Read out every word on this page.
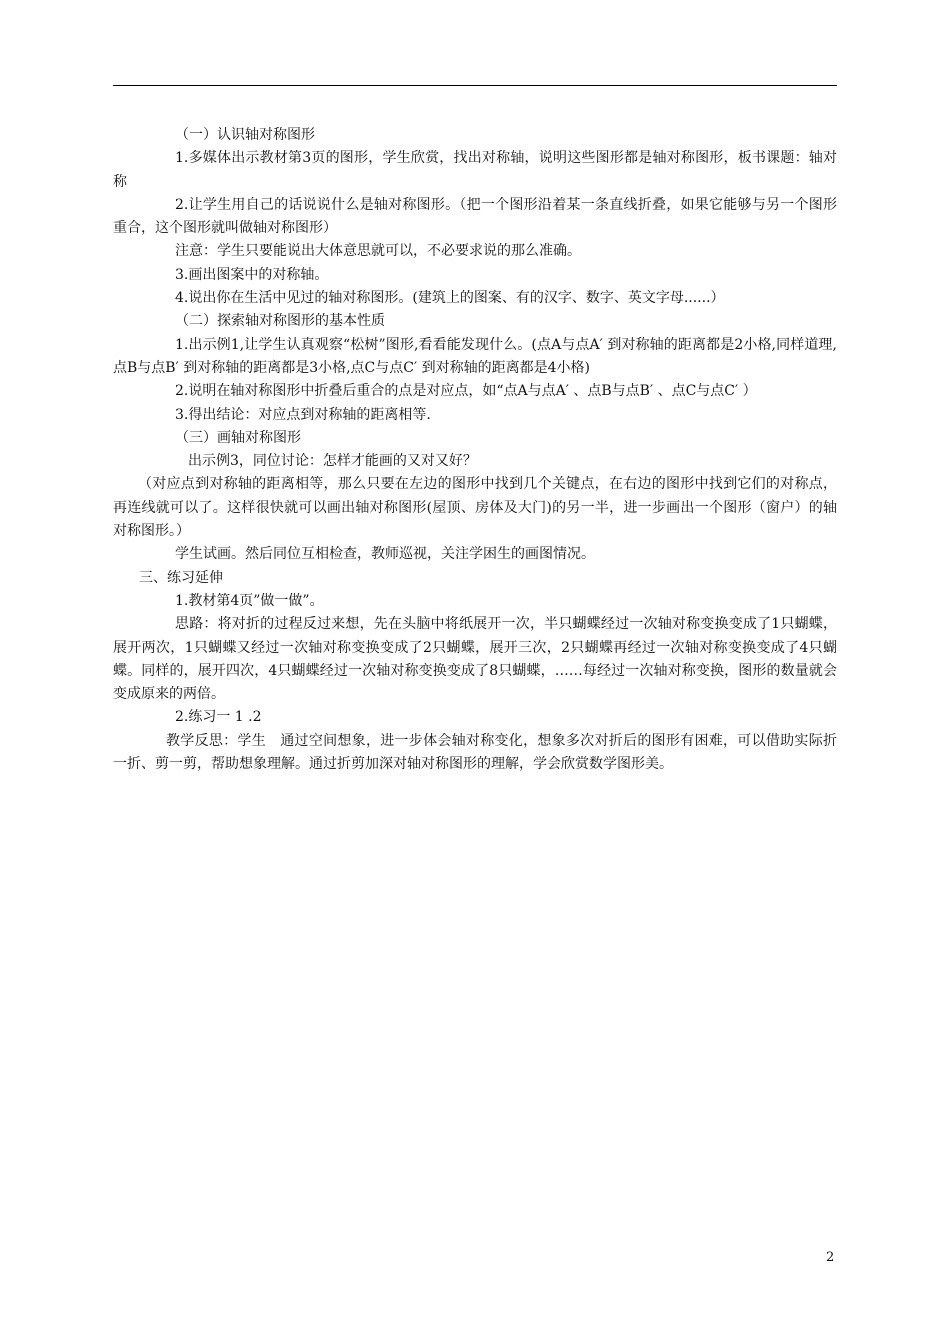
（一）认识轴对称图形

1.多媒体出示教材第3页的图形，学生欣赏，找出对称轴，说明这些图形都是轴对称图形，板书课题：轴对称

2.让学生用自己的话说说什么是轴对称图形。（把一个图形沿着某一条直线折叠，如果它能够与另一个图形重合，这个图形就叫做轴对称图形）

注意：学生只要能说出大体意思就可以，不必要求说的那么准确。

3.画出图案中的对称轴。

4.说出你在生活中见过的轴对称图形。(建筑上的图案、有的汉字、数字、英文字母......）

（二）探索轴对称图形的基本性质

1.出示例1,让学生认真观察“松树”图形,看看能发现什么。(点A与点A′ 到对称轴的距离都是2小格,同样道理,点B与点B′ 到对称轴的距离都是3小格,点C与点C′ 到对称轴的距离都是4小格)

2.说明在轴对称图形中折叠后重合的点是对应点，如“点A与点A′ 、点B与点B′ 、点C与点C′ ）

3.得出结论：对应点到对称轴的距离相等.

（三）画轴对称图形

出示例3，同位讨论：怎样才能画的又对又好？

（对应点到对称轴的距离相等，那么只要在左边的图形中找到几个关键点，在右边的图形中找到它们的对称点，再连线就可以了。这样很快就可以画出轴对称图形(屋顶、房体及大门)的另一半，进一步画出一个图形（窗户）的轴对称图形。）

学生试画。然后同位互相检查，教师巡视，关注学困生的画图情况。

三、练习延伸

1.教材第4页”做一做”。

思路：将对折的过程反过来想，先在头脑中将纸展开一次，半只蝴蝶经过一次轴对称变换变成了1只蝴蝶，展开两次，1只蝴蝶又经过一次轴对称变换变成了2只蝴蝶，展开三次，2只蝴蝶再经过一次轴对称变换变成了4只蝴蝶。同样的，展开四次，4只蝴蝶经过一次轴对称变换变成了8只蝴蝶，……每经过一次轴对称变换，图形的数量就会变成原来的两倍。

2.练习一 1 .2

教学反思：学生　通过空间想象，进一步体会轴对称变化，想象多次对折后的图形有困难，可以借助实际折一折、剪一剪，帮助想象理解。通过折剪加深对轴对称图形的理解，学会欣赏数学图形美。

2
